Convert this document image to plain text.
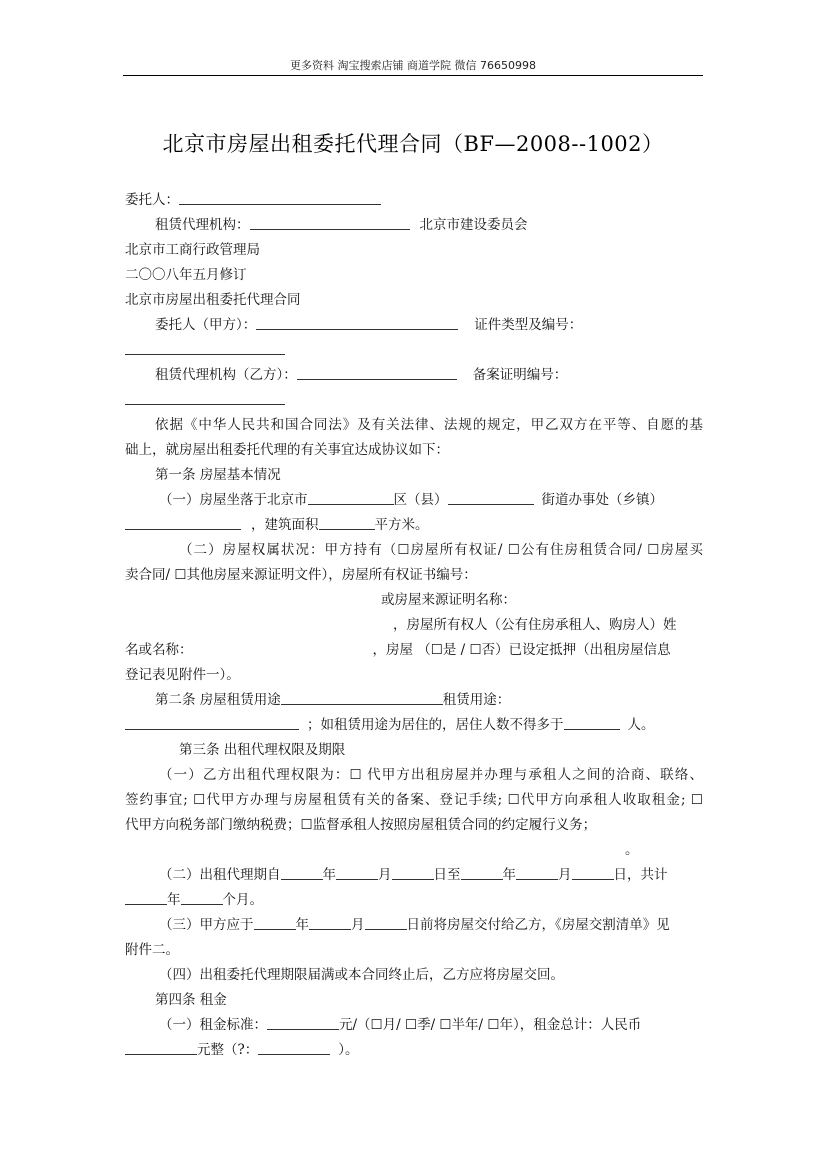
更多资料 淘宝搜索店铺 商道学院 微信 76650998
北京市房屋出租委托代理合同（BF—2008--1002）
委托人：
租赁代理机构：	北京市建设委员会
北京市工商行政管理局
二〇〇八年五月修订
北京市房屋出租委托代理合同
委托人（甲方）：	证件类型及编号：
租赁代理机构（乙方）：	备案证明编号：
依据《中华人民共和国合同法》及有关法律、法规的规定，甲乙双方在平等、自愿的基
础上，就房屋出租委托代理的有关事宜达成协议如下：
第一条 房屋基本情况
（一）房屋坐落于北京市	区（县）	街道办事处（乡镇）
，建筑面积	平方米。
（二）房屋权属状况：甲方持有（☐房屋所有权证/ ☐公有住房租赁合同/ ☐房屋买
卖合同/ ☐其他房屋来源证明文件），房屋所有权证书编号：
或房屋来源证明名称：
，房屋所有权人（公有住房承租人、购房人）姓
名或名称：	，房屋 （☐是 / ☐否）已设定抵押（出租房屋信息
登记表见附件一）。
第二条 房屋租赁用途	租赁用途：
；如租赁用途为居住的，居住人数不得多于	人。
第三条 出租代理权限及期限
（一）乙方出租代理权限为：☐ 代甲方出租房屋并办理与承租人之间的洽商、联络、
签约事宜; ☐代甲方办理与房屋租赁有关的备案、登记手续; ☐代甲方向承租人收取租金; ☐
代甲方向税务部门缴纳税费；☐监督承租人按照房屋租赁合同的约定履行义务；
。
（二）出租代理期自	年	月	日至	年	月	日，共计
年	个月。
（三）甲方应于	年	月	日前将房屋交付给乙方，《房屋交割清单》见
附件二。
（四）出租委托代理期限届满或本合同终止后，乙方应将房屋交回。
第四条 租金
（一）租金标准：	元/（☐月/ ☐季/ ☐半年/ ☐年），租金总计：人民币
元整（?：	）。
